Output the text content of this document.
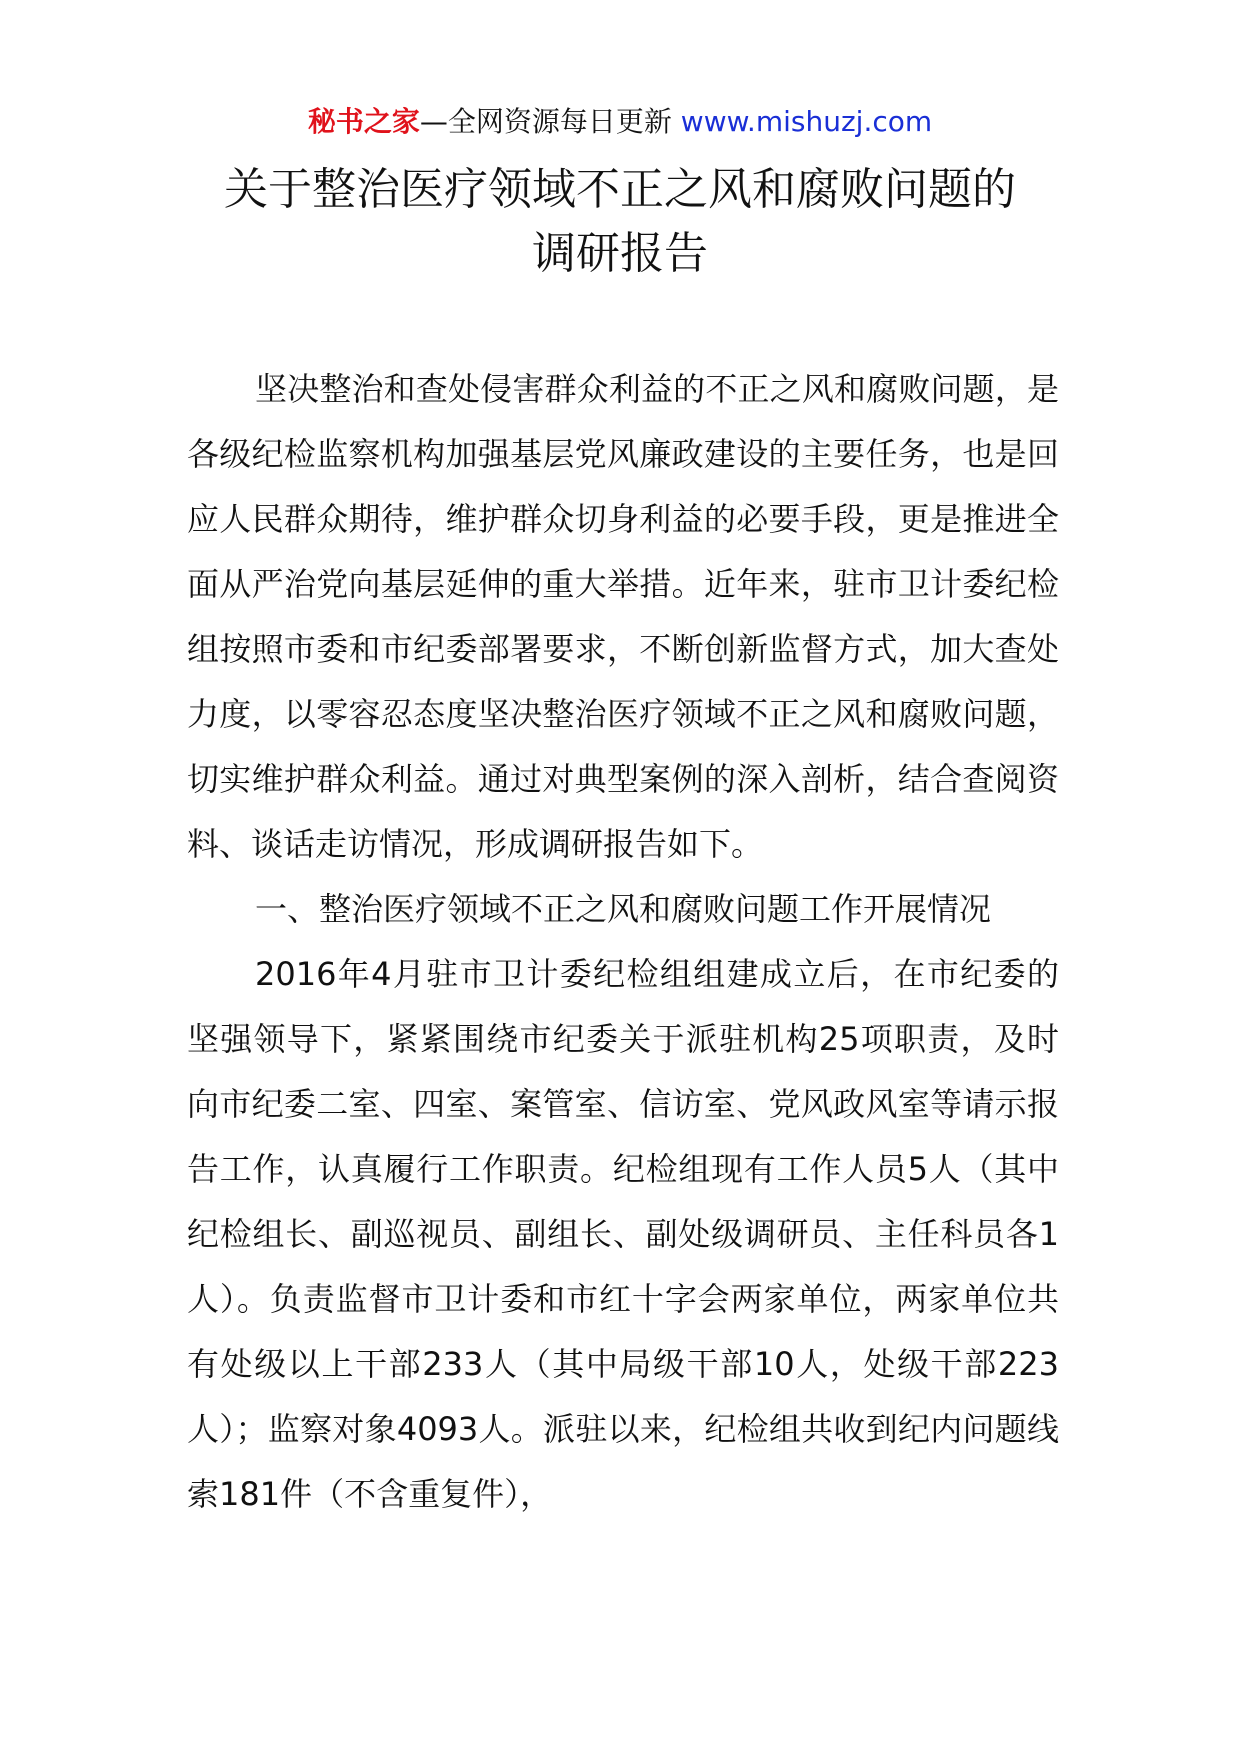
秘书之家—全网资源每日更新 www.mishuzj.com
关于整治医疗领域不正之风和腐败问题的
调研报告

坚决整治和查处侵害群众利益的不正之风和腐败问题，是各级纪检监察机构加强基层党风廉政建设的主要任务，也是回应人民群众期待，维护群众切身利益的必要手段，更是推进全面从严治党向基层延伸的重大举措。近年来，驻市卫计委纪检组按照市委和市纪委部署要求，不断创新监督方式，加大查处力度，以零容忍态度坚决整治医疗领域不正之风和腐败问题，切实维护群众利益。通过对典型案例的深入剖析，结合查阅资料、谈话走访情况，形成调研报告如下。

一、整治医疗领域不正之风和腐败问题工作开展情况

2016年4月驻市卫计委纪检组组建成立后，在市纪委的坚强领导下，紧紧围绕市纪委关于派驻机构25项职责，及时向市纪委二室、四室、案管室、信访室、党风政风室等请示报告工作，认真履行工作职责。纪检组现有工作人员5人（其中纪检组长、副巡视员、副组长、副处级调研员、主任科员各1人）。负责监督市卫计委和市红十字会两家单位，两家单位共有处级以上干部233人（其中局级干部10人，处级干部223人）；监察对象4093人。派驻以来，纪检组共收到纪内问题线索181件（不含重复件），
